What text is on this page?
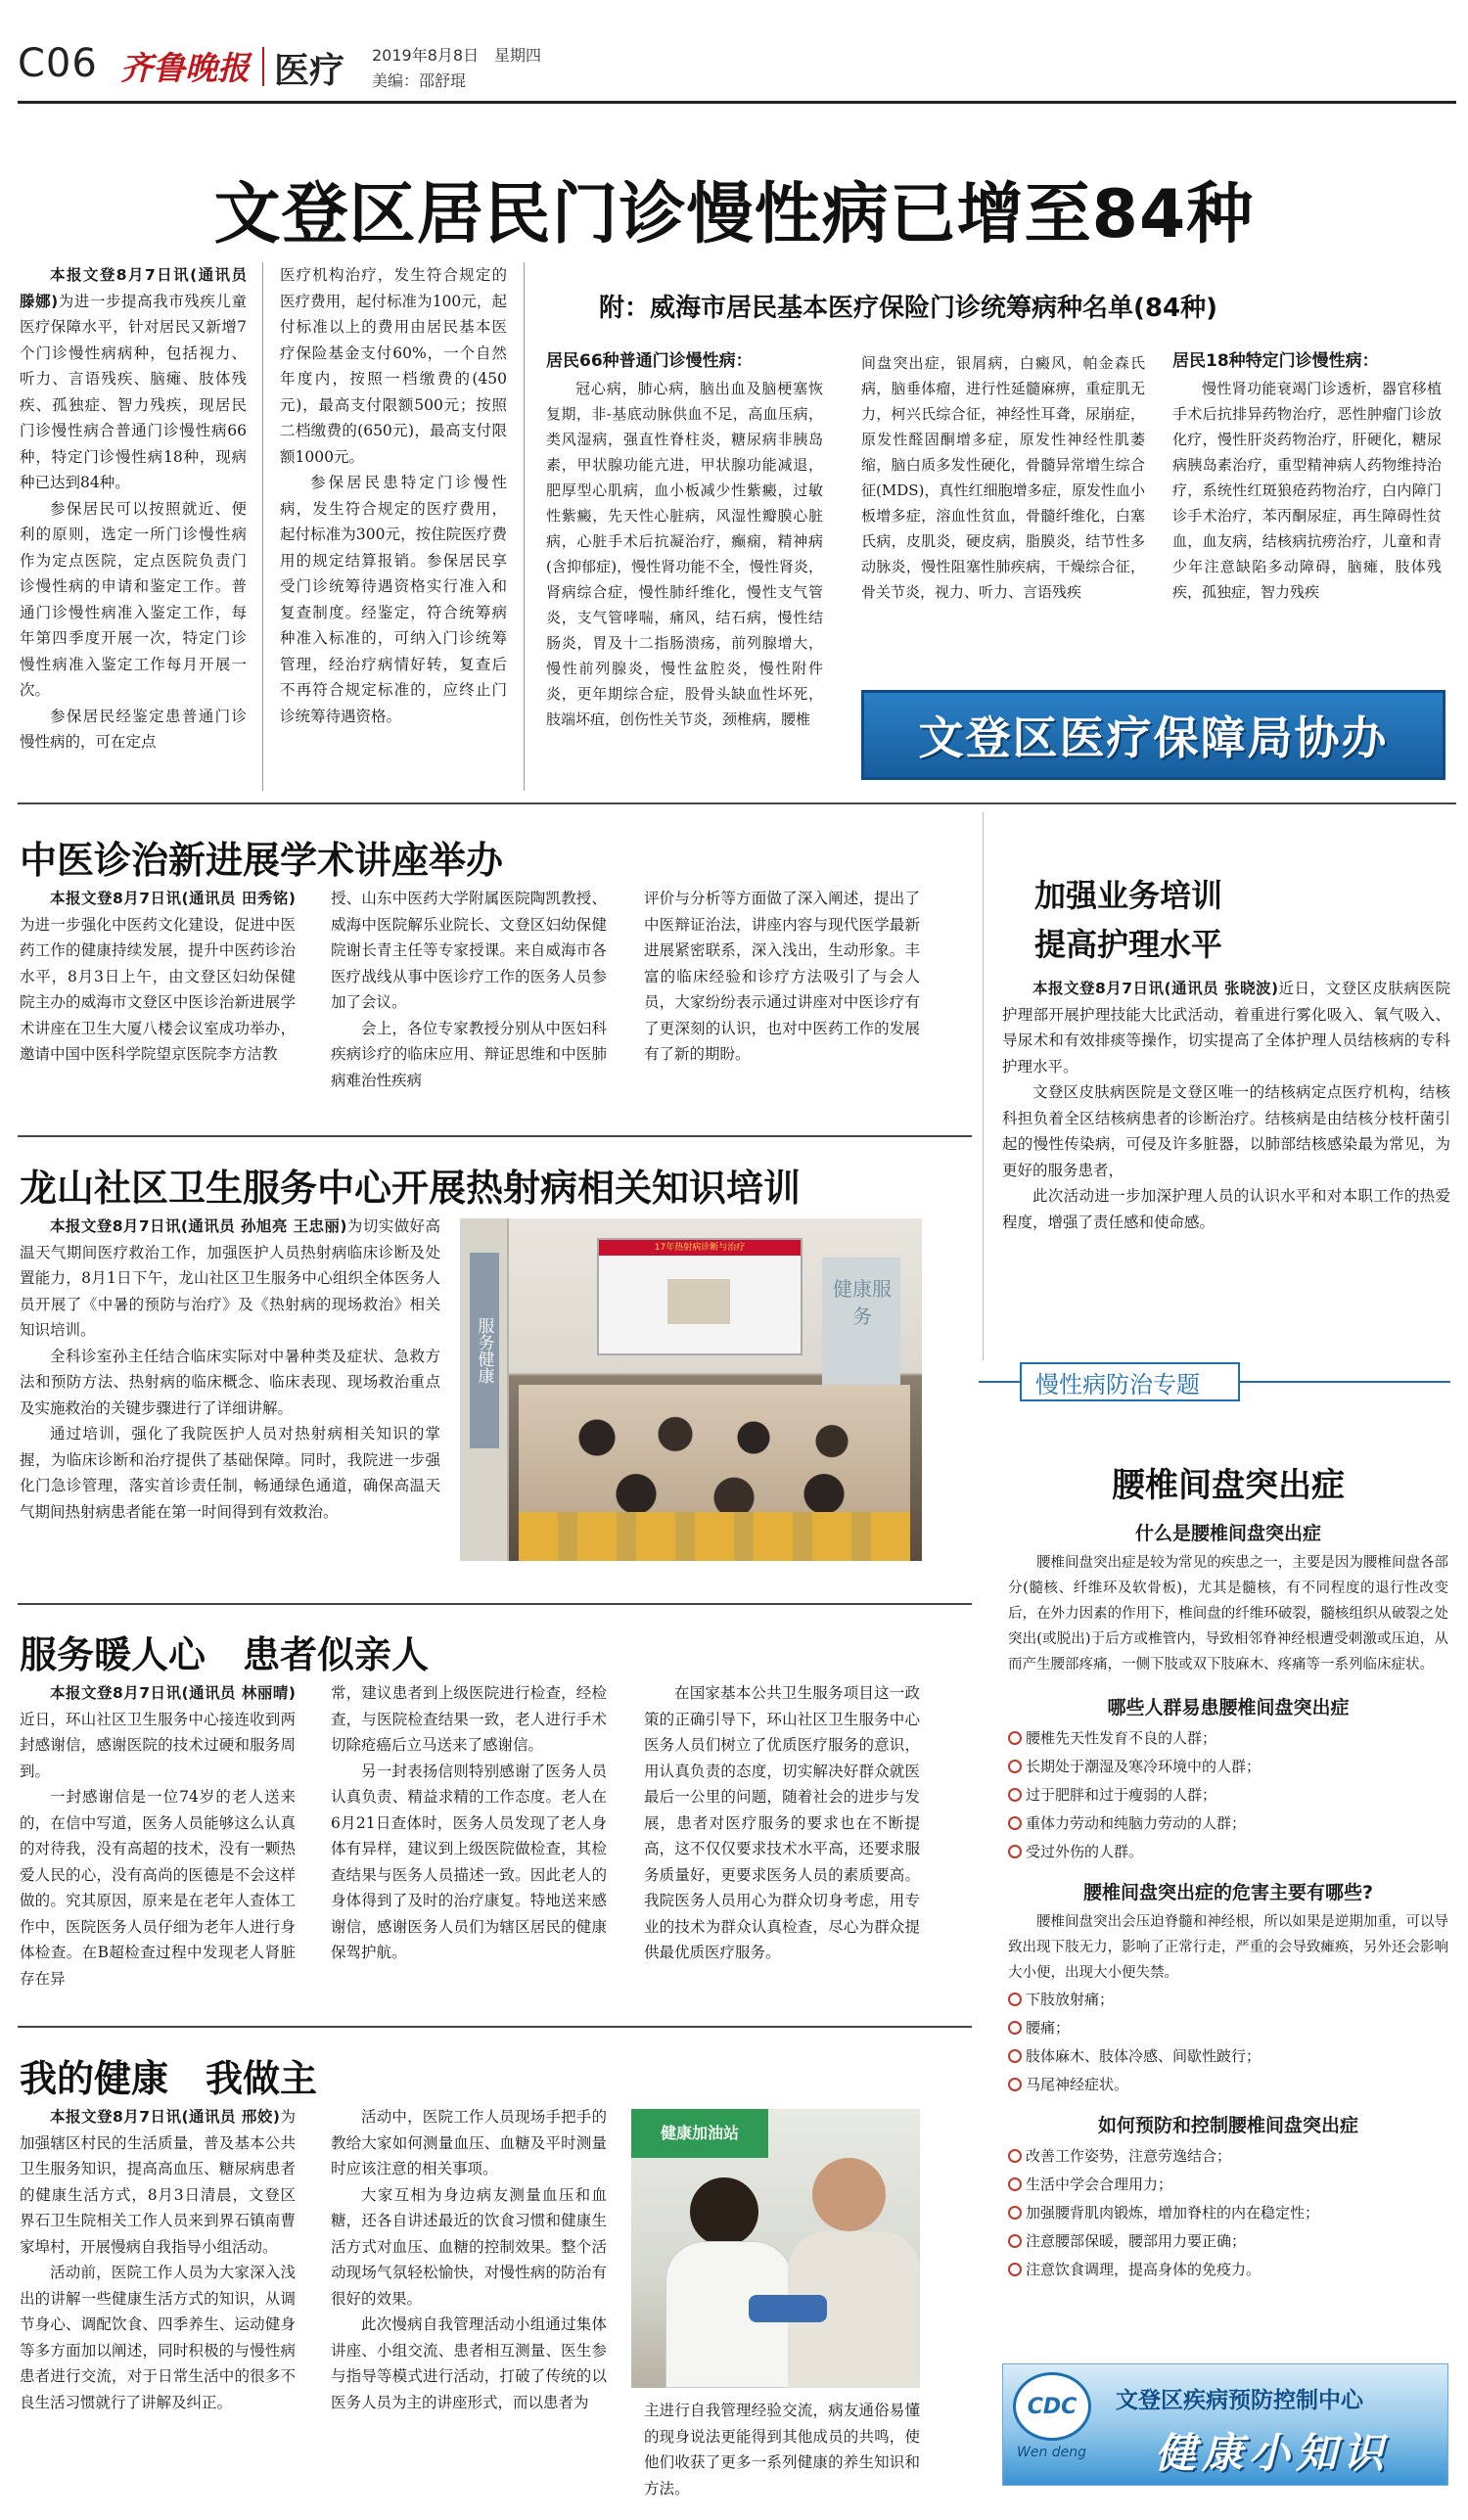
C06 齐鲁晚报 医疗 2019年8月8日 星期四
美编：邵舒琨
文登区居民门诊慢性病已增至84种

本报文登8月7日讯(通讯员 滕娜)为进一步提高我市残疾儿童医疗保障水平，针对居民又新增7个门诊慢性病病种，包括视力、听力、言语残疾、脑瘫、肢体残疾、孤独症、智力残疾，现居民门诊慢性病合普通门诊慢性病66种，特定门诊慢性病18种，现病种已达到84种。

参保居民可以按照就近、便利的原则，选定一所门诊慢性病作为定点医院，定点医院负责门诊慢性病的申请和鉴定工作。普通门诊慢性病准入鉴定工作，每年第四季度开展一次，特定门诊慢性病准入鉴定工作每月开展一次。

参保居民经鉴定患普通门诊慢性病的，可在定点

医疗机构治疗，发生符合规定的医疗费用，起付标准为100元，起付标准以上的费用由居民基本医疗保险基金支付60%，一个自然年度内，按照一档缴费的(450元)，最高支付限额500元；按照二档缴费的(650元)，最高支付限额1000元。

参保居民患特定门诊慢性病，发生符合规定的医疗费用，起付标准为300元，按住院医疗费用的规定结算报销。参保居民享受门诊统筹待遇资格实行准入和复查制度。经鉴定，符合统筹病种准入标准的，可纳入门诊统筹管理，经治疗病情好转，复查后不再符合规定标准的，应终止门诊统筹待遇资格。

附：威海市居民基本医疗保险门诊统筹病种名单(84种)
居民66种普通门诊慢性病：

冠心病，肺心病，脑出血及脑梗塞恢复期，非-基底动脉供血不足，高血压病，类风湿病，强直性脊柱炎，糖尿病非胰岛素，甲状腺功能亢进，甲状腺功能减退，肥厚型心肌病，血小板减少性紫癜，过敏性紫癜，先天性心脏病，风湿性瓣膜心脏病，心脏手术后抗凝治疗，癫痫，精神病(含抑郁症)，慢性肾功能不全，慢性肾炎，肾病综合症，慢性肺纤维化，慢性支气管炎，支气管哮喘，痛风，结石病，慢性结肠炎，胃及十二指肠溃疡，前列腺增大，慢性前列腺炎，慢性盆腔炎，慢性附件炎，更年期综合症，股骨头缺血性坏死，肢端坏疽，创伤性关节炎，颈椎病，腰椎

间盘突出症，银屑病，白癜风，帕金森氏病，脑垂体瘤，进行性延髓麻痹，重症肌无力，柯兴氏综合征，神经性耳聋，尿崩症，原发性醛固酮增多症，原发性神经性肌萎缩，脑白质多发性硬化，骨髓异常增生综合征(MDS)，真性红细胞增多症，原发性血小板增多症，溶血性贫血，骨髓纤维化，白塞氏病，皮肌炎，硬皮病，脂膜炎，结节性多动脉炎，慢性阻塞性肺疾病，干燥综合征，骨关节炎，视力、听力、言语残疾

居民18种特定门诊慢性病：

慢性肾功能衰竭门诊透析，器官移植手术后抗排异药物治疗，恶性肿瘤门诊放化疗，慢性肝炎药物治疗，肝硬化，糖尿病胰岛素治疗，重型精神病人药物维持治疗，系统性红斑狼疮药物治疗，白内障门诊手术治疗，苯丙酮尿症，再生障碍性贫血，血友病，结核病抗痨治疗，儿童和青少年注意缺陷多动障碍，脑瘫，肢体残疾，孤独症，智力残疾

文登区医疗保障局协办
中医诊治新进展学术讲座举办

本报文登8月7日讯(通讯员 田秀铭)为进一步强化中医药文化建设，促进中医药工作的健康持续发展，提升中医药诊治水平，8月3日上午，由文登区妇幼保健院主办的威海市文登区中医诊治新进展学术讲座在卫生大厦八楼会议室成功举办，邀请中国中医科学院望京医院李方洁教

授、山东中医药大学附属医院陶凯教授、威海中医院解乐业院长、文登区妇幼保健院谢长青主任等专家授课。来自威海市各医疗战线从事中医诊疗工作的医务人员参加了会议。

会上，各位专家教授分别从中医妇科疾病诊疗的临床应用、辩证思维和中医肺病难治性疾病

评价与分析等方面做了深入阐述，提出了中医辩证治法，讲座内容与现代医学最新进展紧密联系，深入浅出，生动形象。丰富的临床经验和诊疗方法吸引了与会人员，大家纷纷表示通过讲座对中医诊疗有了更深刻的认识，也对中医药工作的发展有了新的期盼。

加强业务培训
提高护理水平

本报文登8月7日讯(通讯员 张晓波)近日，文登区皮肤病医院护理部开展护理技能大比武活动，着重进行雾化吸入、氧气吸入、导尿术和有效排痰等操作，切实提高了全体护理人员结核病的专科护理水平。

文登区皮肤病医院是文登区唯一的结核病定点医疗机构，结核科担负着全区结核病患者的诊断治疗。结核病是由结核分枝杆菌引起的慢性传染病，可侵及许多脏器，以肺部结核感染最为常见，为更好的服务患者，

此次活动进一步加深护理人员的认识水平和对本职工作的热爱程度，增强了责任感和使命感。

龙山社区卫生服务中心开展热射病相关知识培训

本报文登8月7日讯(通讯员 孙旭亮 王忠丽)为切实做好高温天气期间医疗救治工作，加强医护人员热射病临床诊断及处置能力，8月1日下午，龙山社区卫生服务中心组织全体医务人员开展了《中暑的预防与治疗》及《热射病的现场救治》相关知识培训。

全科诊室孙主任结合临床实际对中暑种类及症状、急救方法和预防方法、热射病的临床概念、临床表现、现场救治重点及实施救治的关键步骤进行了详细讲解。

通过培训，强化了我院医护人员对热射病相关知识的掌握，为临床诊断和治疗提供了基础保障。同时，我院进一步强化门急诊管理，落实首诊责任制，畅通绿色通道，确保高温天气期间热射病患者能在第一时间得到有效救治。

服务健康
17年热射病诊断与治疗
健康服务
服务暖人心　患者似亲人

本报文登8月7日讯(通讯员 林丽晴)近日，环山社区卫生服务中心接连收到两封感谢信，感谢医院的技术过硬和服务周到。

一封感谢信是一位74岁的老人送来的，在信中写道，医务人员能够这么认真的对待我，没有高超的技术，没有一颗热爱人民的心，没有高尚的医德是不会这样做的。究其原因，原来是在老年人查体工作中，医院医务人员仔细为老年人进行身体检查。在B超检查过程中发现老人肾脏存在异

常，建议患者到上级医院进行检查，经检查，与医院检查结果一致，老人进行手术切除疮癌后立马送来了感谢信。

另一封表扬信则特别感谢了医务人员认真负责、精益求精的工作态度。老人在6月21日查体时，医务人员发现了老人身体有异样，建议到上级医院做检查，其检查结果与医务人员描述一致。因此老人的身体得到了及时的治疗康复。特地送来感谢信，感谢医务人员们为辖区居民的健康保驾护航。

在国家基本公共卫生服务项目这一政策的正确引导下，环山社区卫生服务中心医务人员们树立了优质医疗服务的意识，用认真负责的态度，切实解决好群众就医最后一公里的问题，随着社会的进步与发展，患者对医疗服务的要求也在不断提高，这不仅仅要求技术水平高，还要求服务质量好，更要求医务人员的素质要高。我院医务人员用心为群众切身考虑，用专业的技术为群众认真检查，尽心为群众提供最优质医疗服务。

我的健康　我做主

本报文登8月7日讯(通讯员 邢姣)为加强辖区村民的生活质量，普及基本公共卫生服务知识，提高高血压、糖尿病患者的健康生活方式，8月3日清晨，文登区界石卫生院相关工作人员来到界石镇南曹家埠村，开展慢病自我指导小组活动。

活动前，医院工作人员为大家深入浅出的讲解一些健康生活方式的知识，从调节身心、调配饮食、四季养生、运动健身等多方面加以阐述，同时积极的与慢性病患者进行交流，对于日常生活中的很多不良生活习惯就行了讲解及纠正。

活动中，医院工作人员现场手把手的教给大家如何测量血压、血糖及平时测量时应该注意的相关事项。

大家互相为身边病友测量血压和血糖，还各自讲述最近的饮食习惯和健康生活方式对血压、血糖的控制效果。整个活动现场气氛轻松愉快，对慢性病的防治有很好的效果。

此次慢病自我管理活动小组通过集体讲座、小组交流、患者相互测量、医生参与指导等模式进行活动，打破了传统的以医务人员为主的讲座形式，而以患者为	主进行自我管理经验交流，病友通俗易懂的现身说法更能得到其他成员的共鸣，使他们收获了更多一系列健康的养生知识和方法。

健康加油站
慢性病防治专题
腰椎间盘突出症
什么是腰椎间盘突出症

腰椎间盘突出症是较为常见的疾患之一，主要是因为腰椎间盘各部分(髓核、纤维环及软骨板)，尤其是髓核，有不同程度的退行性改变后，在外力因素的作用下，椎间盘的纤维环破裂，髓核组织从破裂之处突出(或脱出)于后方或椎管内，导致相邻脊神经根遭受刺激或压迫，从而产生腰部疼痛，一侧下肢或双下肢麻木、疼痛等一系列临床症状。

哪些人群易患腰椎间盘突出症
腰椎先天性发育不良的人群；
长期处于潮湿及寒冷环境中的人群；
过于肥胖和过于瘦弱的人群；
重体力劳动和纯脑力劳动的人群；
受过外伤的人群。
腰椎间盘突出症的危害主要有哪些?

腰椎间盘突出会压迫脊髓和神经根，所以如果是逆期加重，可以导致出现下肢无力，影响了正常行走，严重的会导致瘫痪，另外还会影响大小便，出现大小便失禁。

下肢放射痛；
腰痛；
肢体麻木、肢体冷感、间歇性跛行；
马尾神经症状。
如何预防和控制腰椎间盘突出症
改善工作姿势，注意劳逸结合；
生活中学会合理用力；
加强腰背肌肉锻炼，增加脊柱的内在稳定性；
注意腰部保暖，腰部用力要正确；
注意饮食调理，提高身体的免疫力。
CDC
Wen deng
文登区疾病预防控制中心
健康小知识
